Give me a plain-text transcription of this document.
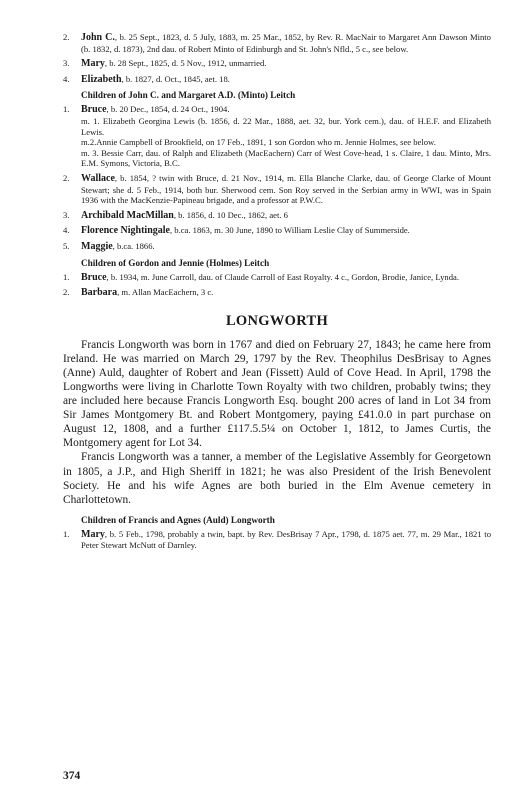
2. John C., b. 25 Sept., 1823, d. 5 July, 1883, m. 25 Mar., 1852, by Rev. R. MacNair to Margaret Ann Dawson Minto (b. 1832, d. 1873), 2nd dau. of Robert Minto of Edinburgh and St. John's Nfld., 5 c., see below.
3. Mary, b. 28 Sept., 1825, d. 5 Nov., 1912, unmarried.
4. Elizabeth, b. 1827, d. Oct., 1845, aet. 18.
Children of John C. and Margaret A.D. (Minto) Leitch
1. Bruce, b. 20 Dec., 1854, d. 24 Oct., 1904.

m. 1. Elizabeth Georgina Lewis (b. 1856, d. 22 Mar., 1888, aet. 32, bur. York cem.), dau. of H.E.F. and Elizabeth Lewis.

m.2.Annie Campbell of Brookfield, on 17 Feb., 1891, 1 son Gordon who m. Jennie Holmes, see below.

m. 3. Bessie Carr, dau. of Ralph and Elizabeth (MacEachern) Carr of West Cove-head, 1 s. Claire, 1 dau. Minto, Mrs. E.M. Symons, Victoria, B.C.

2. Wallace, b. 1854, ? twin with Bruce, d. 21 Nov., 1914, m. Ella Blanche Clarke, dau. of George Clarke of Mount Stewart; she d. 5 Feb., 1914, both bur. Sherwood cem. Son Roy served in the Serbian army in WWI, was in Spain 1936 with the MacKenzie-Papineau brigade, and a professor at P.W.C.
3. Archibald MacMillan, b. 1856, d. 10 Dec., 1862, aet. 6
4. Florence Nightingale, b.ca. 1863, m. 30 June, 1890 to William Leslie Clay of Summerside.
5. Maggie, b.ca. 1866.
Children of Gordon and Jennie (Holmes) Leitch
1. Bruce, b. 1934, m. June Carroll, dau. of Claude Carroll of East Royalty. 4 c., Gordon, Brodie, Janice, Lynda.
2. Barbara, m. Allan MacEachern, 3 c.
LONGWORTH

Francis Longworth was born in 1767 and died on February 27, 1843; he came here from Ireland. He was married on March 29, 1797 by the Rev. Theophilus DesBrisay to Agnes (Anne) Auld, daughter of Robert and Jean (Fissett) Auld of Cove Head. In April, 1798 the Longworths were living in Charlotte Town Royalty with two children, probably twins; they are included here because Francis Longworth Esq. bought 200 acres of land in Lot 34 from Sir James Montgomery Bt. and Robert Montgomery, paying £41.0.0 in part purchase on August 12, 1808, and a further £117.5.5¼ on October 1, 1812, to James Curtis, the Montgomery agent for Lot 34.

Francis Longworth was a tanner, a member of the Legislative Assembly for Georgetown in 1805, a J.P., and High Sheriff in 1821; he was also President of the Irish Benevolent Society. He and his wife Agnes are both buried in the Elm Avenue cemetery in Charlottetown.

Children of Francis and Agnes (Auld) Longworth
1. Mary, b. 5 Feb., 1798, probably a twin, bapt. by Rev. DesBrisay 7 Apr., 1798, d. 1875 aet. 77, m. 29 Mar., 1821 to Peter Stewart McNutt of Darnley.
374
